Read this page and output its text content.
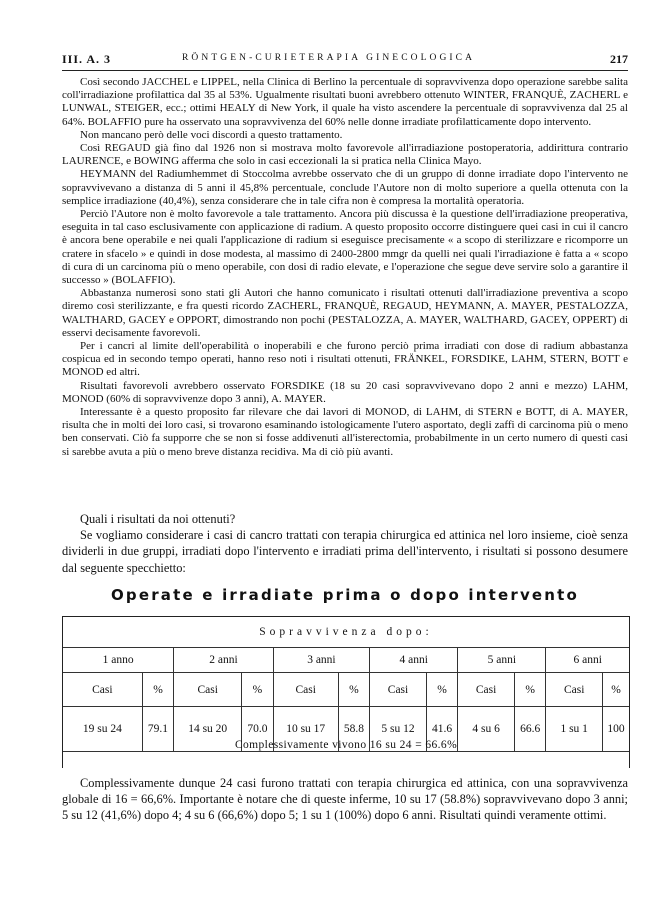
III. A. 3	RÖNTGEN-CURIETERAPIA GINECOLOGICA	217

Così secondo JACCHEL e LIPPEL, nella Clinica di Berlino la percentuale di sopravvivenza dopo operazione sarebbe salita coll'irradiazione profilattica dal 35 al 53%. Ugualmente risultati buoni avrebbero ottenuto WINTER, FRANQUÈ, ZACHERL e LUNWAL, STEIGER, ecc.; ottimi HEALY di New York, il quale ha visto ascendere la percentuale di sopravvivenza dal 25 al 64%. BOLAFFIO pure ha osservato una sopravvivenza del 60% nelle donne irradiate profilatticamente dopo intervento.

Non mancano però delle voci discordi a questo trattamento.

Così REGAUD già fino dal 1926 non si mostrava molto favorevole all'irradiazione postoperatoria, addirittura contrario LAURENCE, e BOWING afferma che solo in casi eccezionali la si pratica nella Clinica Mayo.

HEYMANN del Radiumhemmet di Stoccolma avrebbe osservato che di un gruppo di donne irradiate dopo l'intervento ne sopravvivevano a distanza di 5 anni il 45,8% percentuale, conclude l'Autore non di molto superiore a quella ottenuta con la semplice irradiazione (40,4%), senza considerare che in tale cifra non è compresa la mortalità operatoria.

Perciò l'Autore non è molto favorevole a tale trattamento. Ancora più discussa è la questione dell'irradiazione preoperativa, eseguita in tal caso esclusivamente con applicazione di radium. A questo proposito occorre distinguere quei casi in cui il cancro è ancora bene operabile e nei quali l'applicazione di radium si eseguisce precisamente « a scopo di sterilizzare e ricomporre un cratere in sfacelo » e quindi in dose modesta, al massimo di 2400-2800 mmgr da quelli nei quali l'irradiazione è fatta a « scopo di cura di un carcinoma più o meno operabile, con dosi di radio elevate, e l'operazione che segue deve servire solo a garantire il successo » (BOLAFFIO).

Abbastanza numerosi sono stati gli Autori che hanno comunicato i risultati ottenuti dall'irradiazione preventiva a scopo diremo così sterilizzante, e fra questi ricordo ZACHERL, FRANQUÈ, REGAUD, HEYMANN, A. MAYER, PESTALOZZA, WALTHARD, GACEY e OPPORT, dimostrando non pochi (PESTALOZZA, A. MAYER, WALTHARD, GACEY, OPPERT) di esservi decisamente favorevoli.

Per i cancri al limite dell'operabilità o inoperabili e che furono perciò prima irradiati con dose di radium abbastanza cospicua ed in secondo tempo operati, hanno reso noti i risultati ottenuti, FRÄNKEL, FORSDIKE, LAHM, STERN, BOTT e MONOD ed altri.

Risultati favorevoli avrebbero osservato FORSDIKE (18 su 20 casi sopravvivevano dopo 2 anni e mezzo) LAHM, MONOD (60% di sopravvivenze dopo 3 anni), A. MAYER.

Interessante è a questo proposito far rilevare che dai lavori di MONOD, di LAHM, di STERN e BOTT, di A. MAYER, risulta che in molti dei loro casi, si trovarono esaminando istologicamente l'utero asportato, degli zaffi di carcinoma più o meno ben conservati. Ciò fa supporre che se non si fosse addivenuti all'isterectomia, probabilmente in un certo numero di questi casi si sarebbe avuta a più o meno breve distanza recidiva. Ma di ciò più avanti.

Quali i risultati da noi ottenuti?

Se vogliamo considerare i casi di cancro trattati con terapia chirurgica ed attinica nel loro insieme, cioè senza dividerli in due gruppi, irradiati dopo l'intervento e irradiati prima dell'intervento, i risultati si possono desumere dal seguente specchietto:

Operate e irradiate prima o dopo intervento
Sopravvivenza dopo:											
1 anno		2 anni		3 anni		4 anni		5 anni		6 anni	
Casi	%	Casi	%	Casi	%	Casi	%	Casi	%	Casi	%
19 su 24	79.1	14 su 20	70.0	10 su 17	58.8	5 su 12	41.6	4 su 6	66.6	1 su 1	100
Complessivamente vivono 16 su 24 = 66.6%

Complessivamente dunque 24 casi furono trattati con terapia chirurgica ed attinica, con una sopravvivenza globale di 16 = 66,6%. Importante è notare che di queste inferme, 10 su 17 (58.8%) sopravvivevano dopo 3 anni; 5 su 12 (41,6%) dopo 4; 4 su 6 (66,6%) dopo 5; 1 su 1 (100%) dopo 6 anni. Risultati quindi veramente ottimi.
